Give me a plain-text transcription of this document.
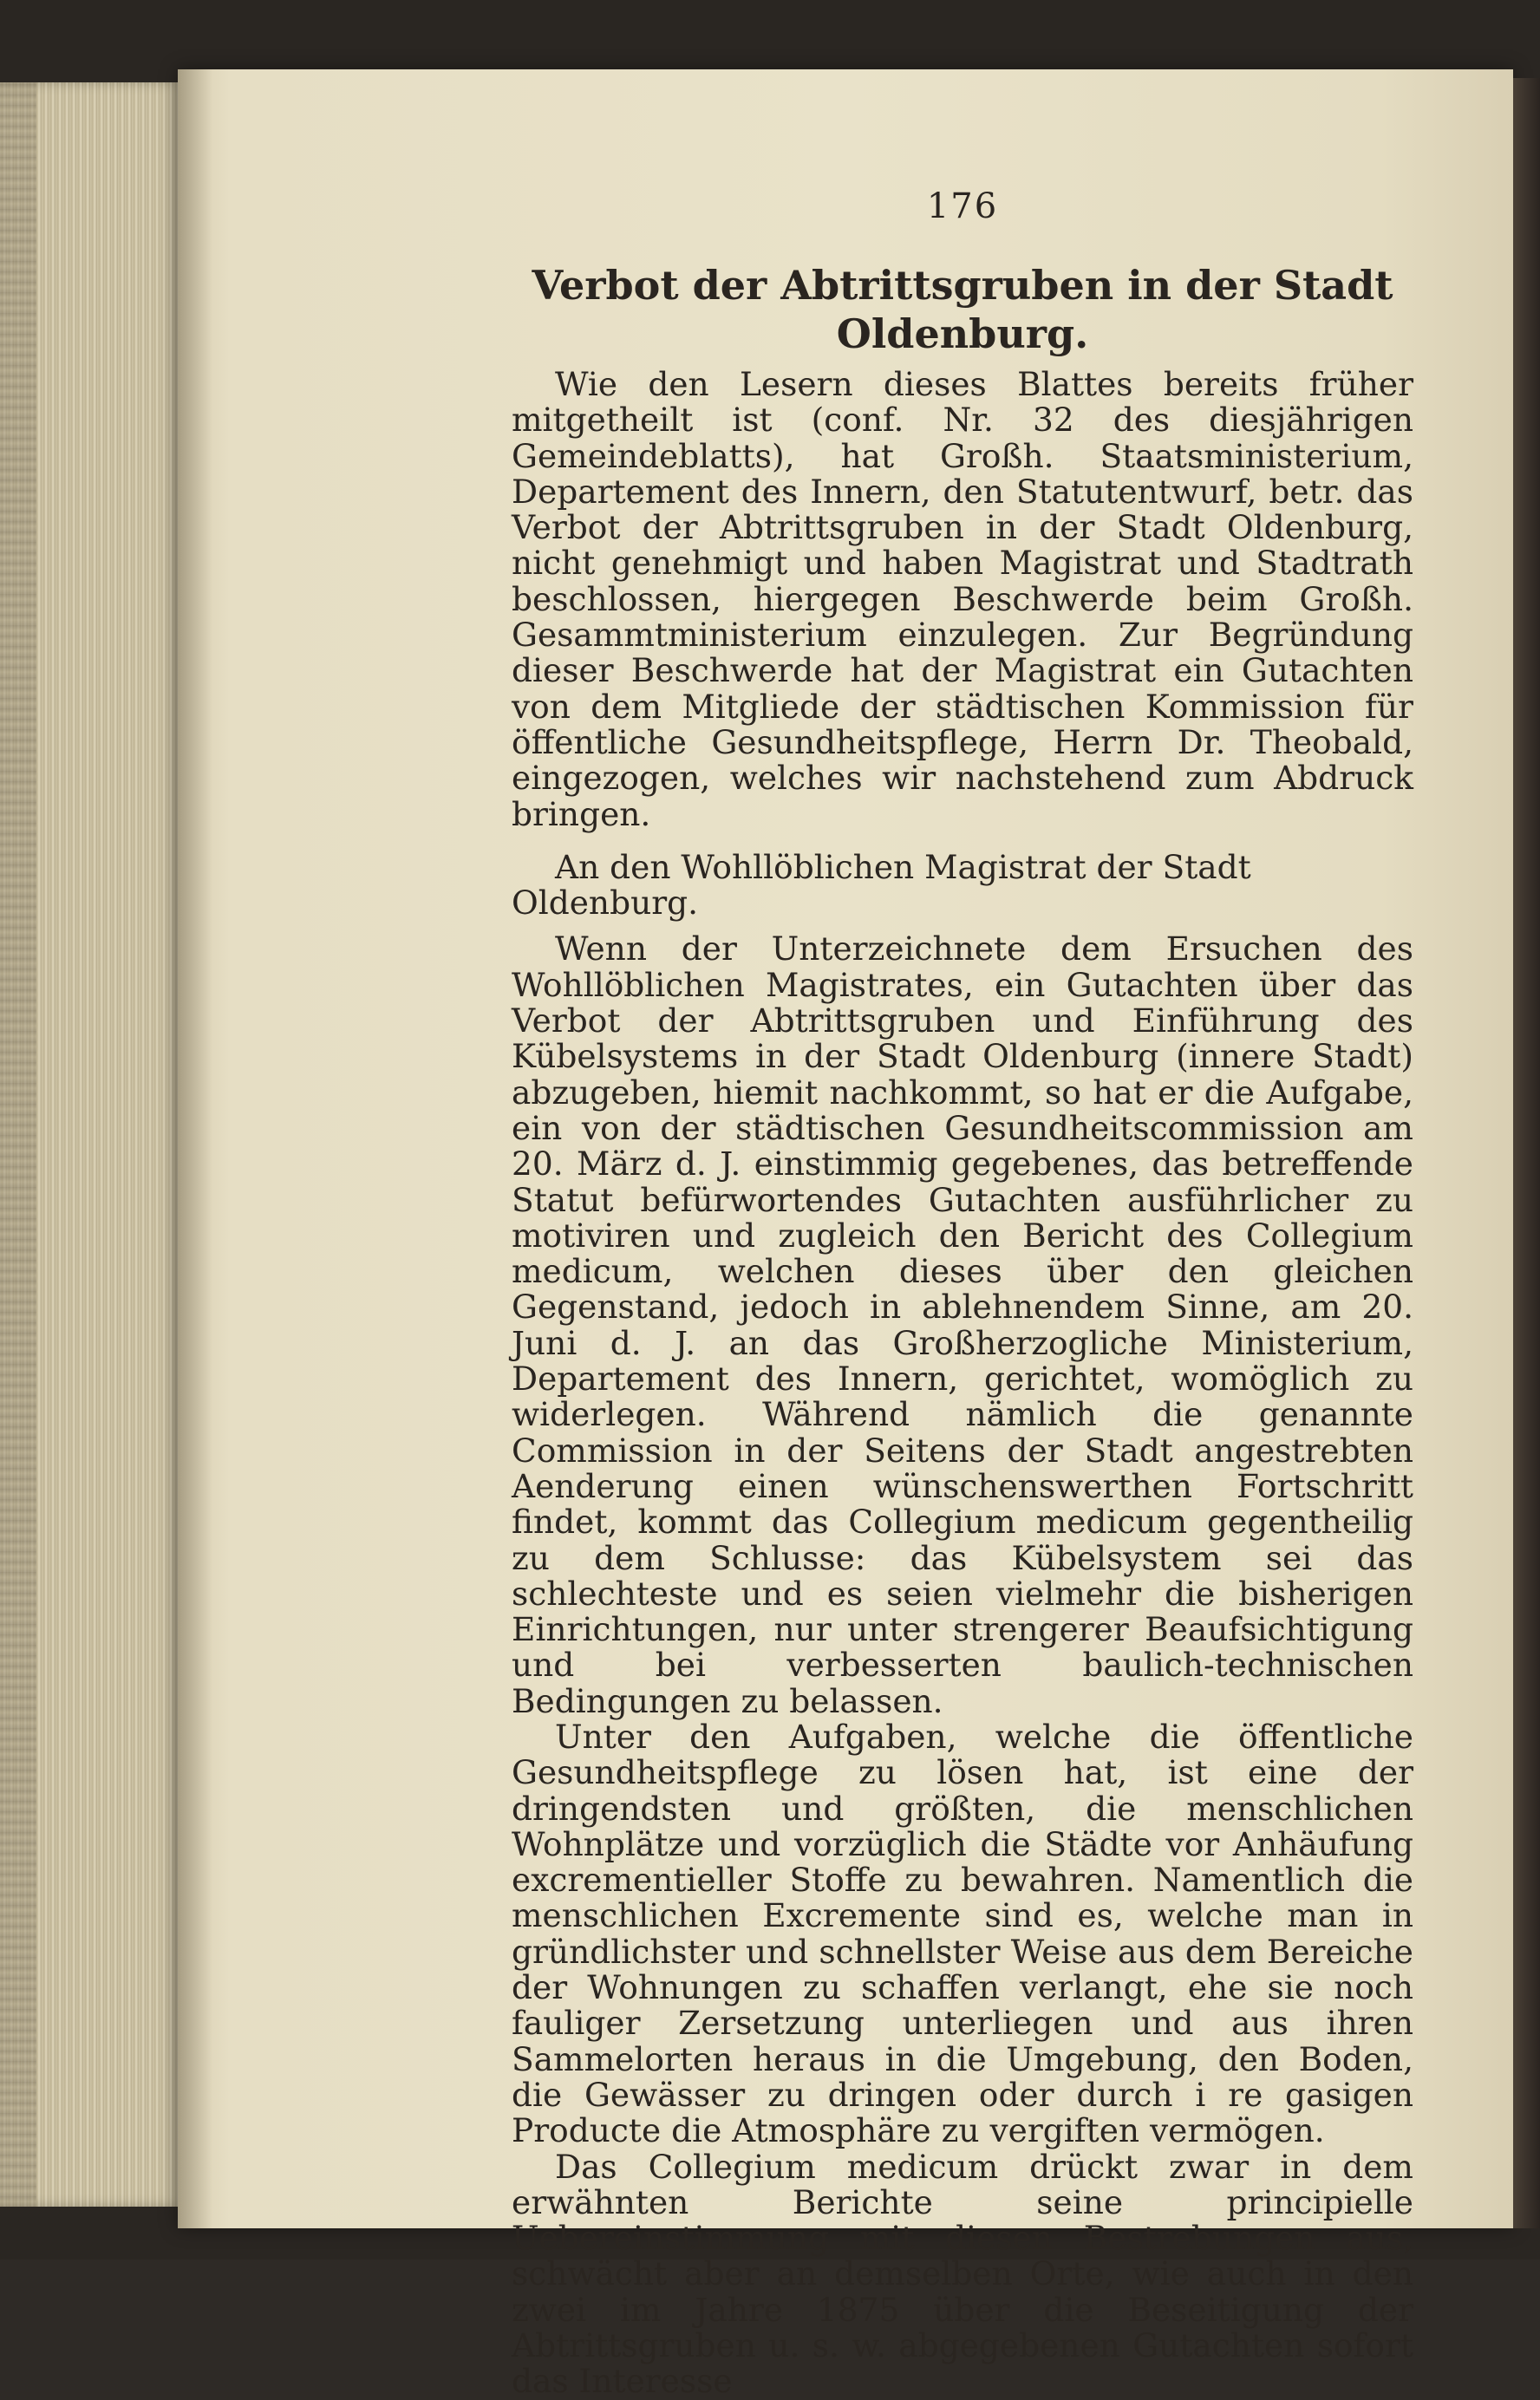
176
Verbot der Abtrittsgruben in der Stadt
Oldenburg.

Wie den Lesern dieses Blattes bereits früher mitgetheilt ist (conf. Nr. 32 des diesjährigen Gemeindeblatts), hat Großh. Staatsministerium, Departement des Innern, den Statutentwurf, betr. das Verbot der Abtrittsgruben in der Stadt Oldenburg, nicht genehmigt und haben Magistrat und Stadtrath beschlossen, hiergegen Beschwerde beim Großh. Gesammtministerium einzulegen. Zur Begründung dieser Beschwerde hat der Magistrat ein Gutachten von dem Mitgliede der städtischen Kommission für öffentliche Gesundheitspflege, Herrn Dr. Theobald, eingezogen, welches wir nachstehend zum Abdruck bringen.

An den Wohllöblichen Magistrat der Stadt Oldenburg.

Wenn der Unterzeichnete dem Ersuchen des Wohllöblichen Magistrates, ein Gutachten über das Verbot der Abtrittsgruben und Einführung des Kübelsystems in der Stadt Oldenburg (innere Stadt) abzugeben, hiemit nachkommt, so hat er die Aufgabe, ein von der städtischen Gesundheitscommission am 20. März d. J. einstimmig gegebenes, das betreffende Statut befürwortendes Gutachten ausführlicher zu motiviren und zugleich den Bericht des Collegium medicum, welchen dieses über den gleichen Gegenstand, jedoch in ablehnendem Sinne, am 20. Juni d. J. an das Großherzogliche Ministerium, Departement des Innern, gerichtet, womöglich zu widerlegen. Während nämlich die genannte Commission in der Seitens der Stadt angestrebten Aenderung einen wünschenswerthen Fortschritt findet, kommt das Collegium medicum gegentheilig zu dem Schlusse: das Kübelsystem sei das schlechteste und es seien vielmehr die bisherigen Einrichtungen, nur unter strengerer Beaufsichtigung und bei verbesserten baulich-technischen Bedingungen zu belassen.

Unter den Aufgaben, welche die öffentliche Gesundheitspflege zu lösen hat, ist eine der dringendsten und größten, die menschlichen Wohnplätze und vorzüglich die Städte vor Anhäufung excrementieller Stoffe zu bewahren. Namentlich die menschlichen Excremente sind es, welche man in gründlichster und schnellster Weise aus dem Bereiche der Wohnungen zu schaffen verlangt, ehe sie noch fauliger Zersetzung unterliegen und aus ihren Sammelorten heraus in die Umgebung, den Boden, die Gewässer zu dringen oder durch i re gasigen Producte die Atmosphäre zu vergiften vermögen.

Das Collegium medicum drückt zwar in dem erwähnten Berichte seine principielle Uebereinstimmung mit diesen Bestrebungen aus, schwächt aber an demselben Orte, wie auch in den zwei im Jahre 1875 über die Beseitigung der Abtrittsgruben u. s. w. abgegebenen Gutachten sofort das Interesse
